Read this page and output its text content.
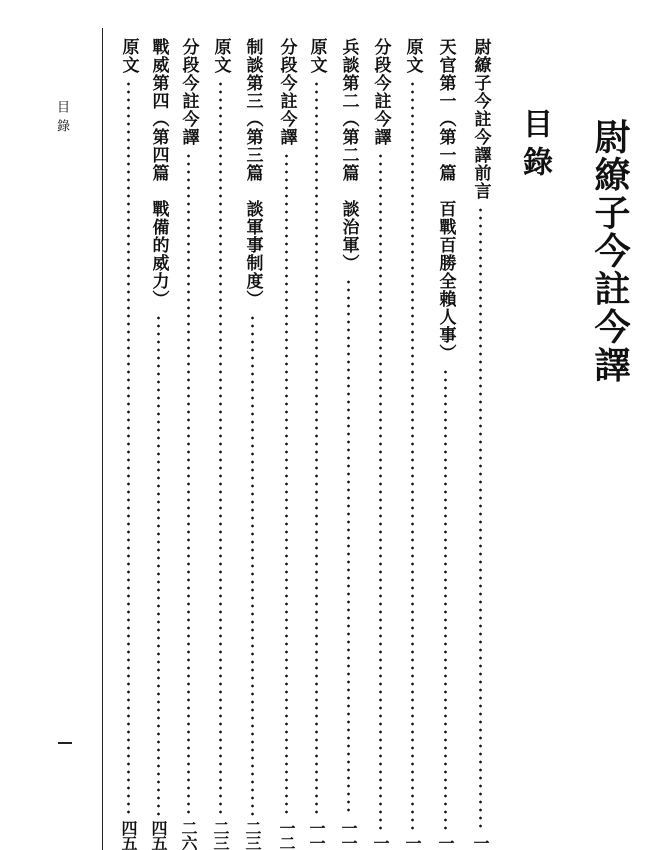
尉繚子今註今譯
目錄
目錄	尉繚子今註今譯前言
一
天官第一（第一篇　百戰百勝全賴人事）
一
原文
一
分段今註今譯
一
兵談第二（第二篇　談治軍）
一一
原文
一一
分段今註今譯
一二
制談第三（第三篇　談軍事制度）
二三
原文
二三
分段今註今譯
二六
戰威第四（第四篇　戰備的威力）
四五
原文
四五
